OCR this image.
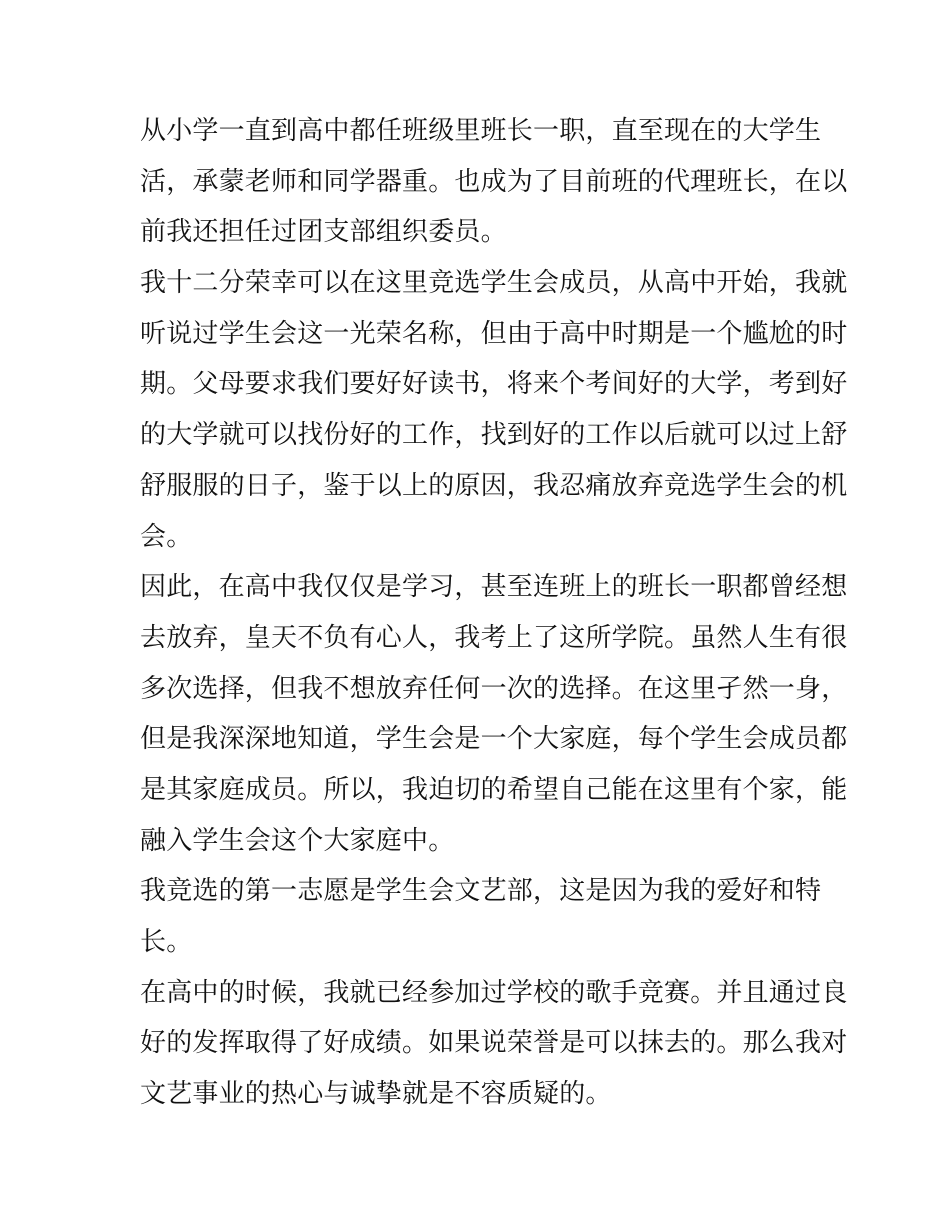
从小学一直到高中都任班级里班长一职，直至现在的大学生
活，承蒙老师和同学器重。也成为了目前班的代理班长，在以
前我还担任过团支部组织委员。
我十二分荣幸可以在这里竞选学生会成员，从高中开始，我就
听说过学生会这一光荣名称，但由于高中时期是一个尴尬的时
期。父母要求我们要好好读书，将来个考间好的大学，考到好
的大学就可以找份好的工作，找到好的工作以后就可以过上舒
舒服服的日子，鉴于以上的原因，我忍痛放弃竞选学生会的机
会。
因此，在高中我仅仅是学习，甚至连班上的班长一职都曾经想
去放弃，皇天不负有心人，我考上了这所学院。虽然人生有很
多次选择，但我不想放弃任何一次的选择。在这里孑然一身，
但是我深深地知道，学生会是一个大家庭，每个学生会成员都
是其家庭成员。所以，我迫切的希望自己能在这里有个家，能
融入学生会这个大家庭中。
我竞选的第一志愿是学生会文艺部，这是因为我的爱好和特
长。
在高中的时候，我就已经参加过学校的歌手竞赛。并且通过良
好的发挥取得了好成绩。如果说荣誉是可以抹去的。那么我对
文艺事业的热心与诚挚就是不容质疑的。
